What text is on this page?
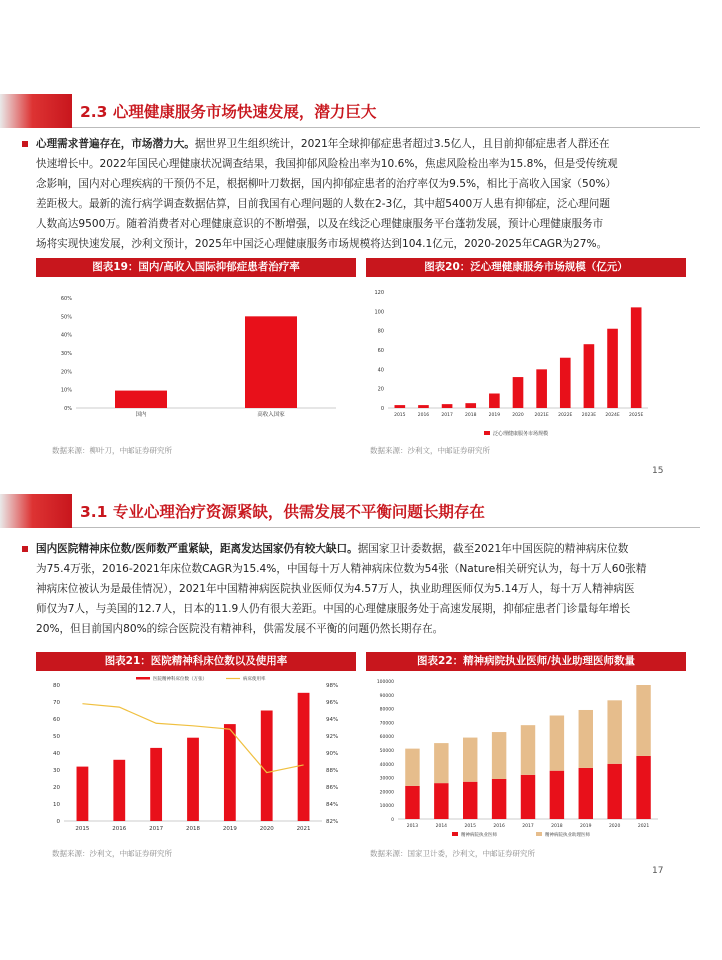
2.3 心理健康服务市场快速发展，潜力巨大
心理需求普遍存在，市场潜力大。据世界卫生组织统计，2021年全球抑郁症患者超过3.5亿人，且目前抑郁症患者人群还在
快速增长中。2022年国民心理健康状况调查结果，我国抑郁风险检出率为10.6%，焦虑风险检出率为15.8%，但是受传统观
念影响，国内对心理疾病的干预仍不足，根据柳叶刀数据，国内抑郁症患者的治疗率仅为9.5%，相比于高收入国家（50%）
差距极大。最新的流行病学调查数据估算，目前我国有心理问题的人数在2-3亿，其中超5400万人患有抑郁症，泛心理问题
人数高达9500万。随着消费者对心理健康意识的不断增强，以及在线泛心理健康服务平台蓬勃发展，预计心理健康服务市
场将实现快速发展，沙利文预计，2025年中国泛心理健康服务市场规模将达到104.1亿元，2020-2025年CAGR为27%。
图表19：国内/高收入国际抑郁症患者治疗率	图表20：泛心理健康服务市场规模（亿元）
0%
10%
20%
30%
40%
50%
60%
国内	高收入国家
0
20
40
60
80
100
120
2015	2016	2017	2018	2019	2020 2021E 2022E 2023E 2024E 2025E
泛心理健康服务市场规模
数据来源：柳叶刀，中邮证券研究所	数据来源：沙利文，中邮证券研究所
15
3.1 专业心理治疗资源紧缺，供需发展不平衡问题长期存在
国内医院精神床位数/医师数严重紧缺，距离发达国家仍有较大缺口。据国家卫计委数据，截至2021年中国医院的精神病床位数
为75.4万张，2016-2021年床位数CAGR为15.4%，中国每十万人精神病床位数为54张（Nature相关研究认为，每十万人60张精
神病床位被认为是最佳情况），2021年中国精神病医院执业医师仅为4.57万人，执业助理医师仅为5.14万人，每十万人精神病医
师仅为7人，与美国的12.7人，日本的11.9人仍有很大差距。中国的心理健康服务处于高速发展期，抑郁症患者门诊量每年增长
20%，但目前国内80%的综合医院没有精神科，供需发展不平衡的问题仍然长期存在。
图表21：医院精神科床位数以及使用率	图表22：精神病院执业医师/执业助理医师数量
0
10
20
30
40
50
60
70
80
82%
84%
86%
88%
90%
92%
94%
96%
98%
2015	2016	2017	2018	2019	2020	2021
医院精神科床位数（万张）	病床使用率
0
10000
20000
30000
40000
50000
60000
70000
80000
90000
100000
2013	2014	2015	2016	2017	2018	2019	2020	2021
精神病院执业医师	精神病院执业助理医师
数据来源：沙利文，中邮证券研究所	数据来源：国家卫计委，沙利文，中邮证券研究所
17
